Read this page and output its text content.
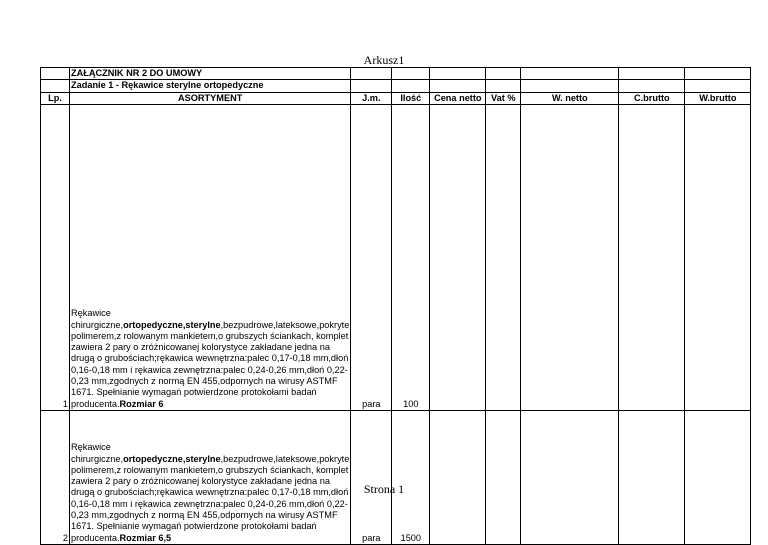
Arkusz1
	ZAŁĄCZNIK NR 2 DO UMOWY							
	Zadanie 1 - Rękawice sterylne ortopedyczne							
Lp.	ASORTYMENT	J.m.	Ilość	Cena netto	Vat %	W. netto	C.brutto	W.brutto
1	Rękawice chirurgiczne,ortopedyczne,sterylne,bezpudrowe,lateksowe,pokryte polimerem,z rolowanym mankietem,o grubszych ściankach, komplet zawiera 2 pary o zróżnicowanej kolorystyce zakładane jedna na drugą o grubościach;rękawica wewnętrzna:palec 0,17-0,18 mm,dłoń 0,16-0,18 mm i rękawica zewnętrzna:palec 0,24-0,26 mm,dłoń 0,22-0,23 mm,zgodnych z normą EN 455,odpornych na wirusy ASTMF 1671. Spełnianie wymagań potwierdzone protokołami badań producenta.Rozmiar 6	para	100					
2	Rękawice chirurgiczne,ortopedyczne,sterylne,bezpudrowe,lateksowe,pokryte polimerem,z rolowanym mankietem,o grubszych ściankach, komplet zawiera 2 pary o zróżnicowanej kolorystyce zakładane jedna na drugą o grubościach;rękawica wewnętrzna:palec 0,17-0,18 mm,dłoń 0,16-0,18 mm i rękawica zewnętrzna:palec 0,24-0,26 mm,dłoń 0,22-0,23 mm,zgodnych z normą EN 455,odpornych na wirusy ASTMF 1671. Spełnianie wymagań potwierdzone protokołami badań producenta.Rozmiar 6,5	para	1500					
Strona 1
